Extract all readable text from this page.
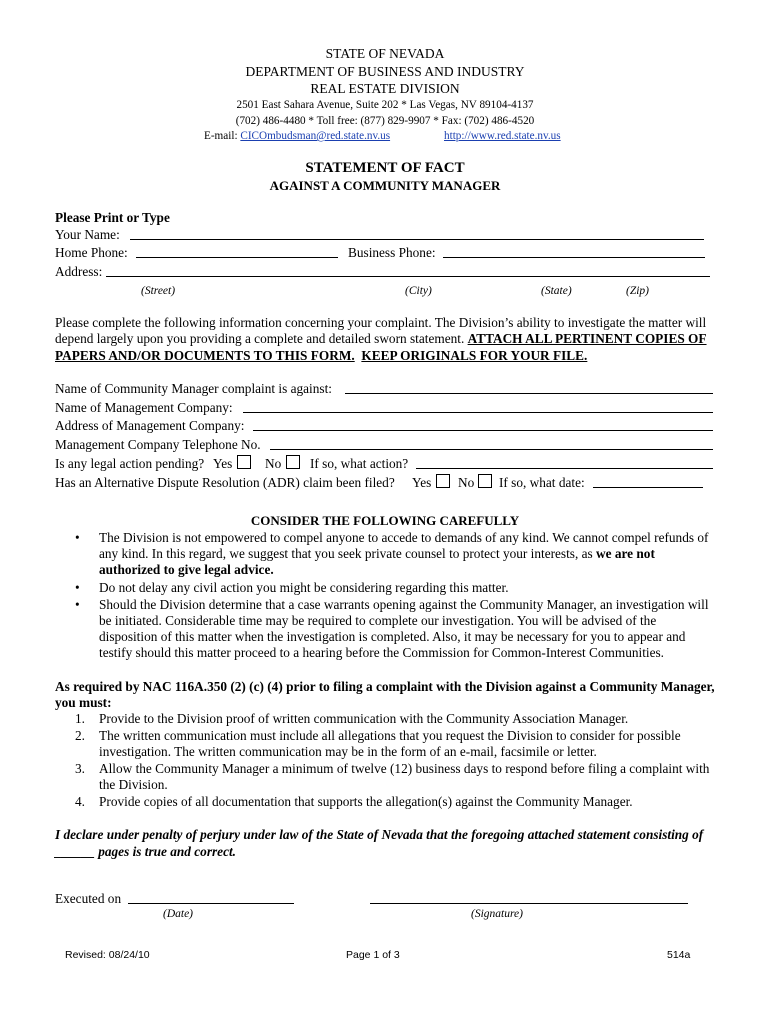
STATE OF NEVADA
DEPARTMENT OF BUSINESS AND INDUSTRY
REAL ESTATE DIVISION
2501 East Sahara Avenue, Suite 202 * Las Vegas, NV 89104-4137
(702) 486-4480 * Toll free: (877) 829-9907 * Fax: (702) 486-4520
E-mail: CICOmbudsman@red.state.nv.us	http://www.red.state.nv.us
STATEMENT OF FACT
AGAINST A COMMUNITY MANAGER
Please Print or Type
Your Name:
Home Phone:	Business Phone:
Address:
(Street)	(City)	(State)	(Zip)
Please complete the following information concerning your complaint. The Division’s ability to investigate the matter will depend largely upon you providing a complete and detailed sworn statement. ATTACH ALL PERTINENT COPIES OF PAPERS AND/OR DOCUMENTS TO THIS FORM. KEEP ORIGINALS FOR YOUR FILE.
Name of Community Manager complaint is against:
Name of Management Company:
Address of Management Company:
Management Company Telephone No.
Is any legal action pending? Yes No If so, what action?
Has an Alternative Dispute Resolution (ADR) claim been filed? Yes No If so, what date:
CONSIDER THE FOLLOWING CAREFULLY
• The Division is not empowered to compel anyone to accede to demands of any kind. We cannot compel refunds of any kind. In this regard, we suggest that you seek private counsel to protect your interests, as we are not authorized to give legal advice.
• Do not delay any civil action you might be considering regarding this matter.
• Should the Division determine that a case warrants opening against the Community Manager, an investigation will be initiated. Considerable time may be required to complete our investigation. You will be advised of the disposition of this matter when the investigation is completed. Also, it may be necessary for you to appear and testify should this matter proceed to a hearing before the Commission for Common-Interest Communities.
As required by NAC 116A.350 (2) (c) (4) prior to filing a complaint with the Division against a Community Manager, you must:
1. Provide to the Division proof of written communication with the Community Association Manager.
2. The written communication must include all allegations that you request the Division to consider for possible investigation. The written communication may be in the form of an e-mail, facsimile or letter.
3. Allow the Community Manager a minimum of twelve (12) business days to respond before filing a complaint with the Division.
4. Provide copies of all documentation that supports the allegation(s) against the Community Manager.
I declare under penalty of perjury under law of the State of Nevada that the foregoing attached statement consisting of ______ pages is true and correct.
Executed on
(Date)	(Signature)
Revised: 08/24/10	Page 1 of 3	514a
